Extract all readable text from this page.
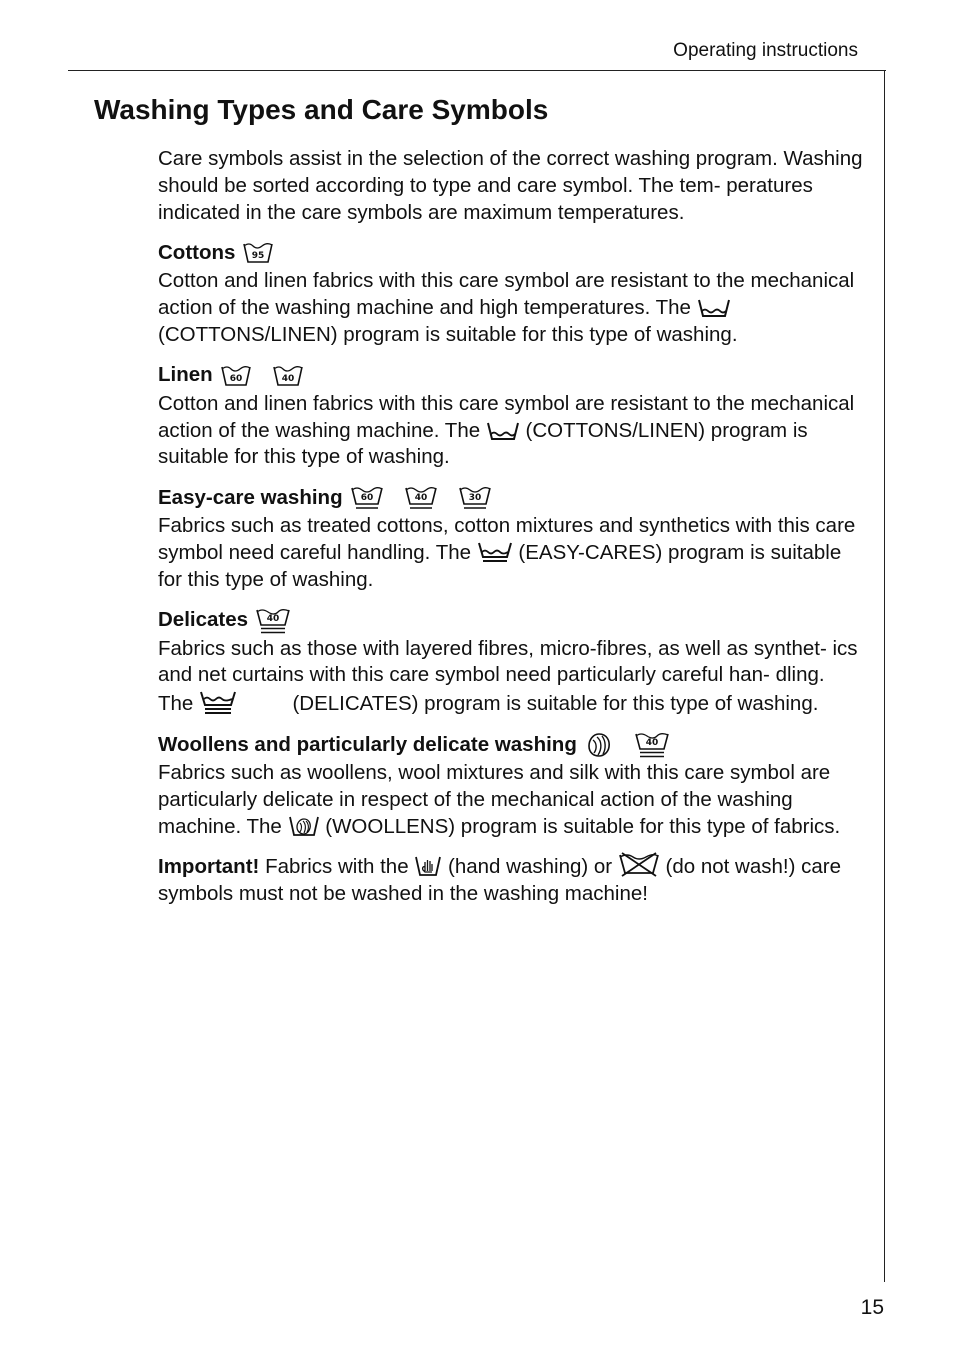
Operating instructions
Washing Types and Care Symbols

Care symbols assist in the selection of the correct washing program. Washing should be sorted according to type and care symbol. The tem- peratures indicated in the care symbols are maximum temperatures.

Cottons 95

Cotton and linen fabrics with this care symbol are resistant to the mechanical action of the washing machine and high temperatures. The
(COTTONS/LINEN) program is suitable for this type of washing.

Linen 60	40

Cotton and linen fabrics with this care symbol are resistant to the mechanical action of the washing machine. The (COTTONS/LINEN) program is suitable for this type of washing.

Easy-care washing 60	40	30

Fabrics such as treated cottons, cotton mixtures and synthetics with this care symbol need careful handling. The (EASY-CARES) program is suitable for this type of washing.

Delicates 40

Fabrics such as those with layered fibres, micro-fibres, as well as synthet- ics and net curtains with this care symbol need particularly careful han- dling. The	(DELICATES) program is suitable for this type of washing.

Woollens and particularly delicate washing	40

Fabrics such as woollens, wool mixtures and silk with this care symbol are particularly delicate in respect of the mechanical action of the washing machine. The (WOOLLENS) program is suitable for this type of fabrics.

Important! Fabrics with the (hand washing) or	(do not wash!) care symbols must not be washed in the washing machine!

15
